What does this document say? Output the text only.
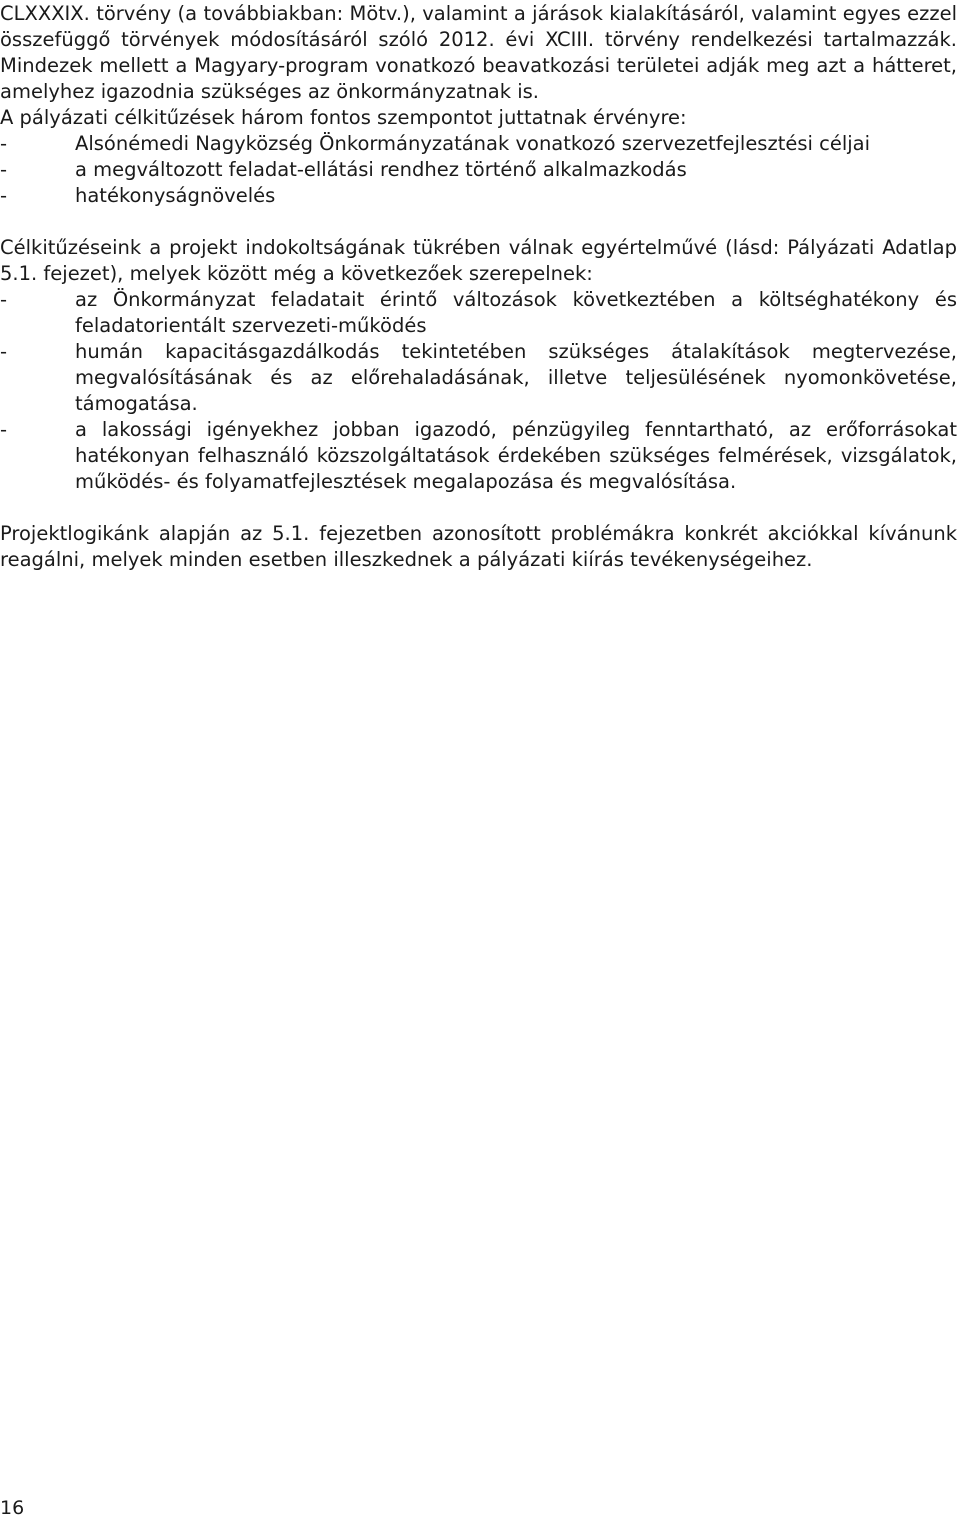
CLXXXIX. törvény (a továbbiakban: Mötv.), valamint a járások kialakításáról, valamint egyes ezzel összefüggő törvények módosításáról szóló 2012. évi XCIII. törvény rendelkezési tartalmazzák. Mindezek mellett a Magyary-program vonatkozó beavatkozási területei adják meg azt a hátteret, amelyhez igazodnia szükséges az önkormányzatnak is.

A pályázati célkitűzések három fontos szempontot juttatnak érvényre:

-	Alsónémedi Nagyközség Önkormányzatának vonatkozó szervezetfejlesztési céljai
-	a megváltozott feladat-ellátási rendhez történő alkalmazkodás
-	hatékonyságnövelés

Célkitűzéseink a projekt indokoltságának tükrében válnak egyértelművé (lásd: Pályázati Adatlap 5.1. fejezet), melyek között még a következőek szerepelnek:

-	az Önkormányzat feladatait érintő változások következtében a költséghatékony és feladatorientált szervezeti-működés
-	humán kapacitásgazdálkodás tekintetében szükséges átalakítások megtervezése, megvalósításának és az előrehaladásának, illetve teljesülésének nyomonkövetése, támogatása.
-	a lakossági igényekhez jobban igazodó, pénzügyileg fenntartható, az erőforrásokat hatékonyan felhasználó közszolgáltatások érdekében szükséges felmérések, vizsgálatok, működés- és folyamatfejlesztések megalapozása és megvalósítása.

Projektlogikánk alapján az 5.1. fejezetben azonosított problémákra konkrét akciókkal kívánunk reagálni, melyek minden esetben illeszkednek a pályázati kiírás tevékenységeihez.

16
